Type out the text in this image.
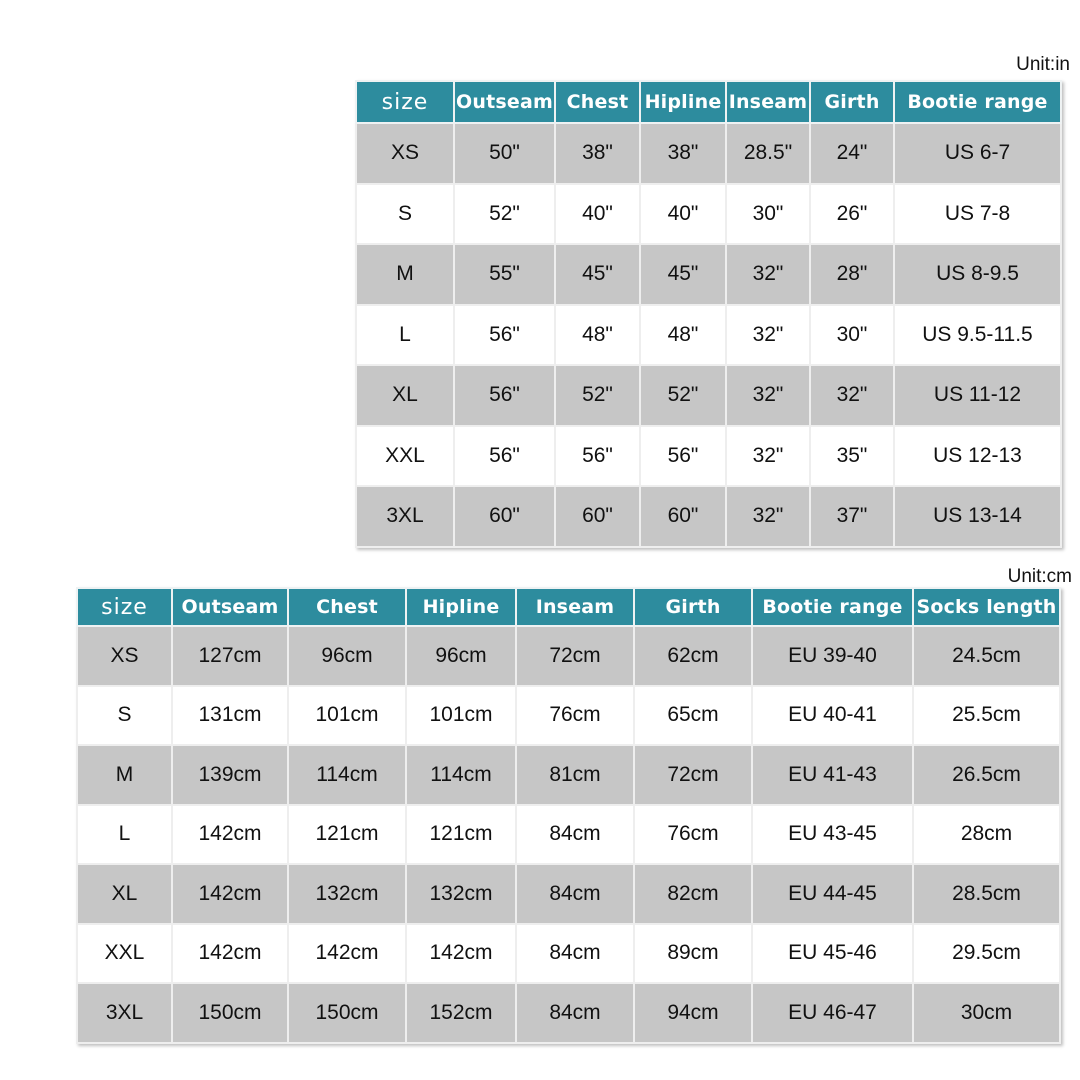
Unit:in
size	Outseam	Chest	Hipline	Inseam	Girth	Bootie range
XS	50"	38"	38"	28.5"	24"	US 6-7
S	52"	40"	40"	30"	26"	US 7-8
M	55"	45"	45"	32"	28"	US 8-9.5
L	56"	48"	48"	32"	30"	US 9.5-11.5
XL	56"	52"	52"	32"	32"	US 11-12
XXL	56"	56"	56"	32"	35"	US 12-13
3XL	60"	60"	60"	32"	37"	US 13-14
Unit:cm
size	Outseam	Chest	Hipline	Inseam	Girth	Bootie range	Socks length
XS	127cm	96cm	96cm	72cm	62cm	EU 39-40	24.5cm
S	131cm	101cm	101cm	76cm	65cm	EU 40-41	25.5cm
M	139cm	114cm	114cm	81cm	72cm	EU 41-43	26.5cm
L	142cm	121cm	121cm	84cm	76cm	EU 43-45	28cm
XL	142cm	132cm	132cm	84cm	82cm	EU 44-45	28.5cm
XXL	142cm	142cm	142cm	84cm	89cm	EU 45-46	29.5cm
3XL	150cm	150cm	152cm	84cm	94cm	EU 46-47	30cm
